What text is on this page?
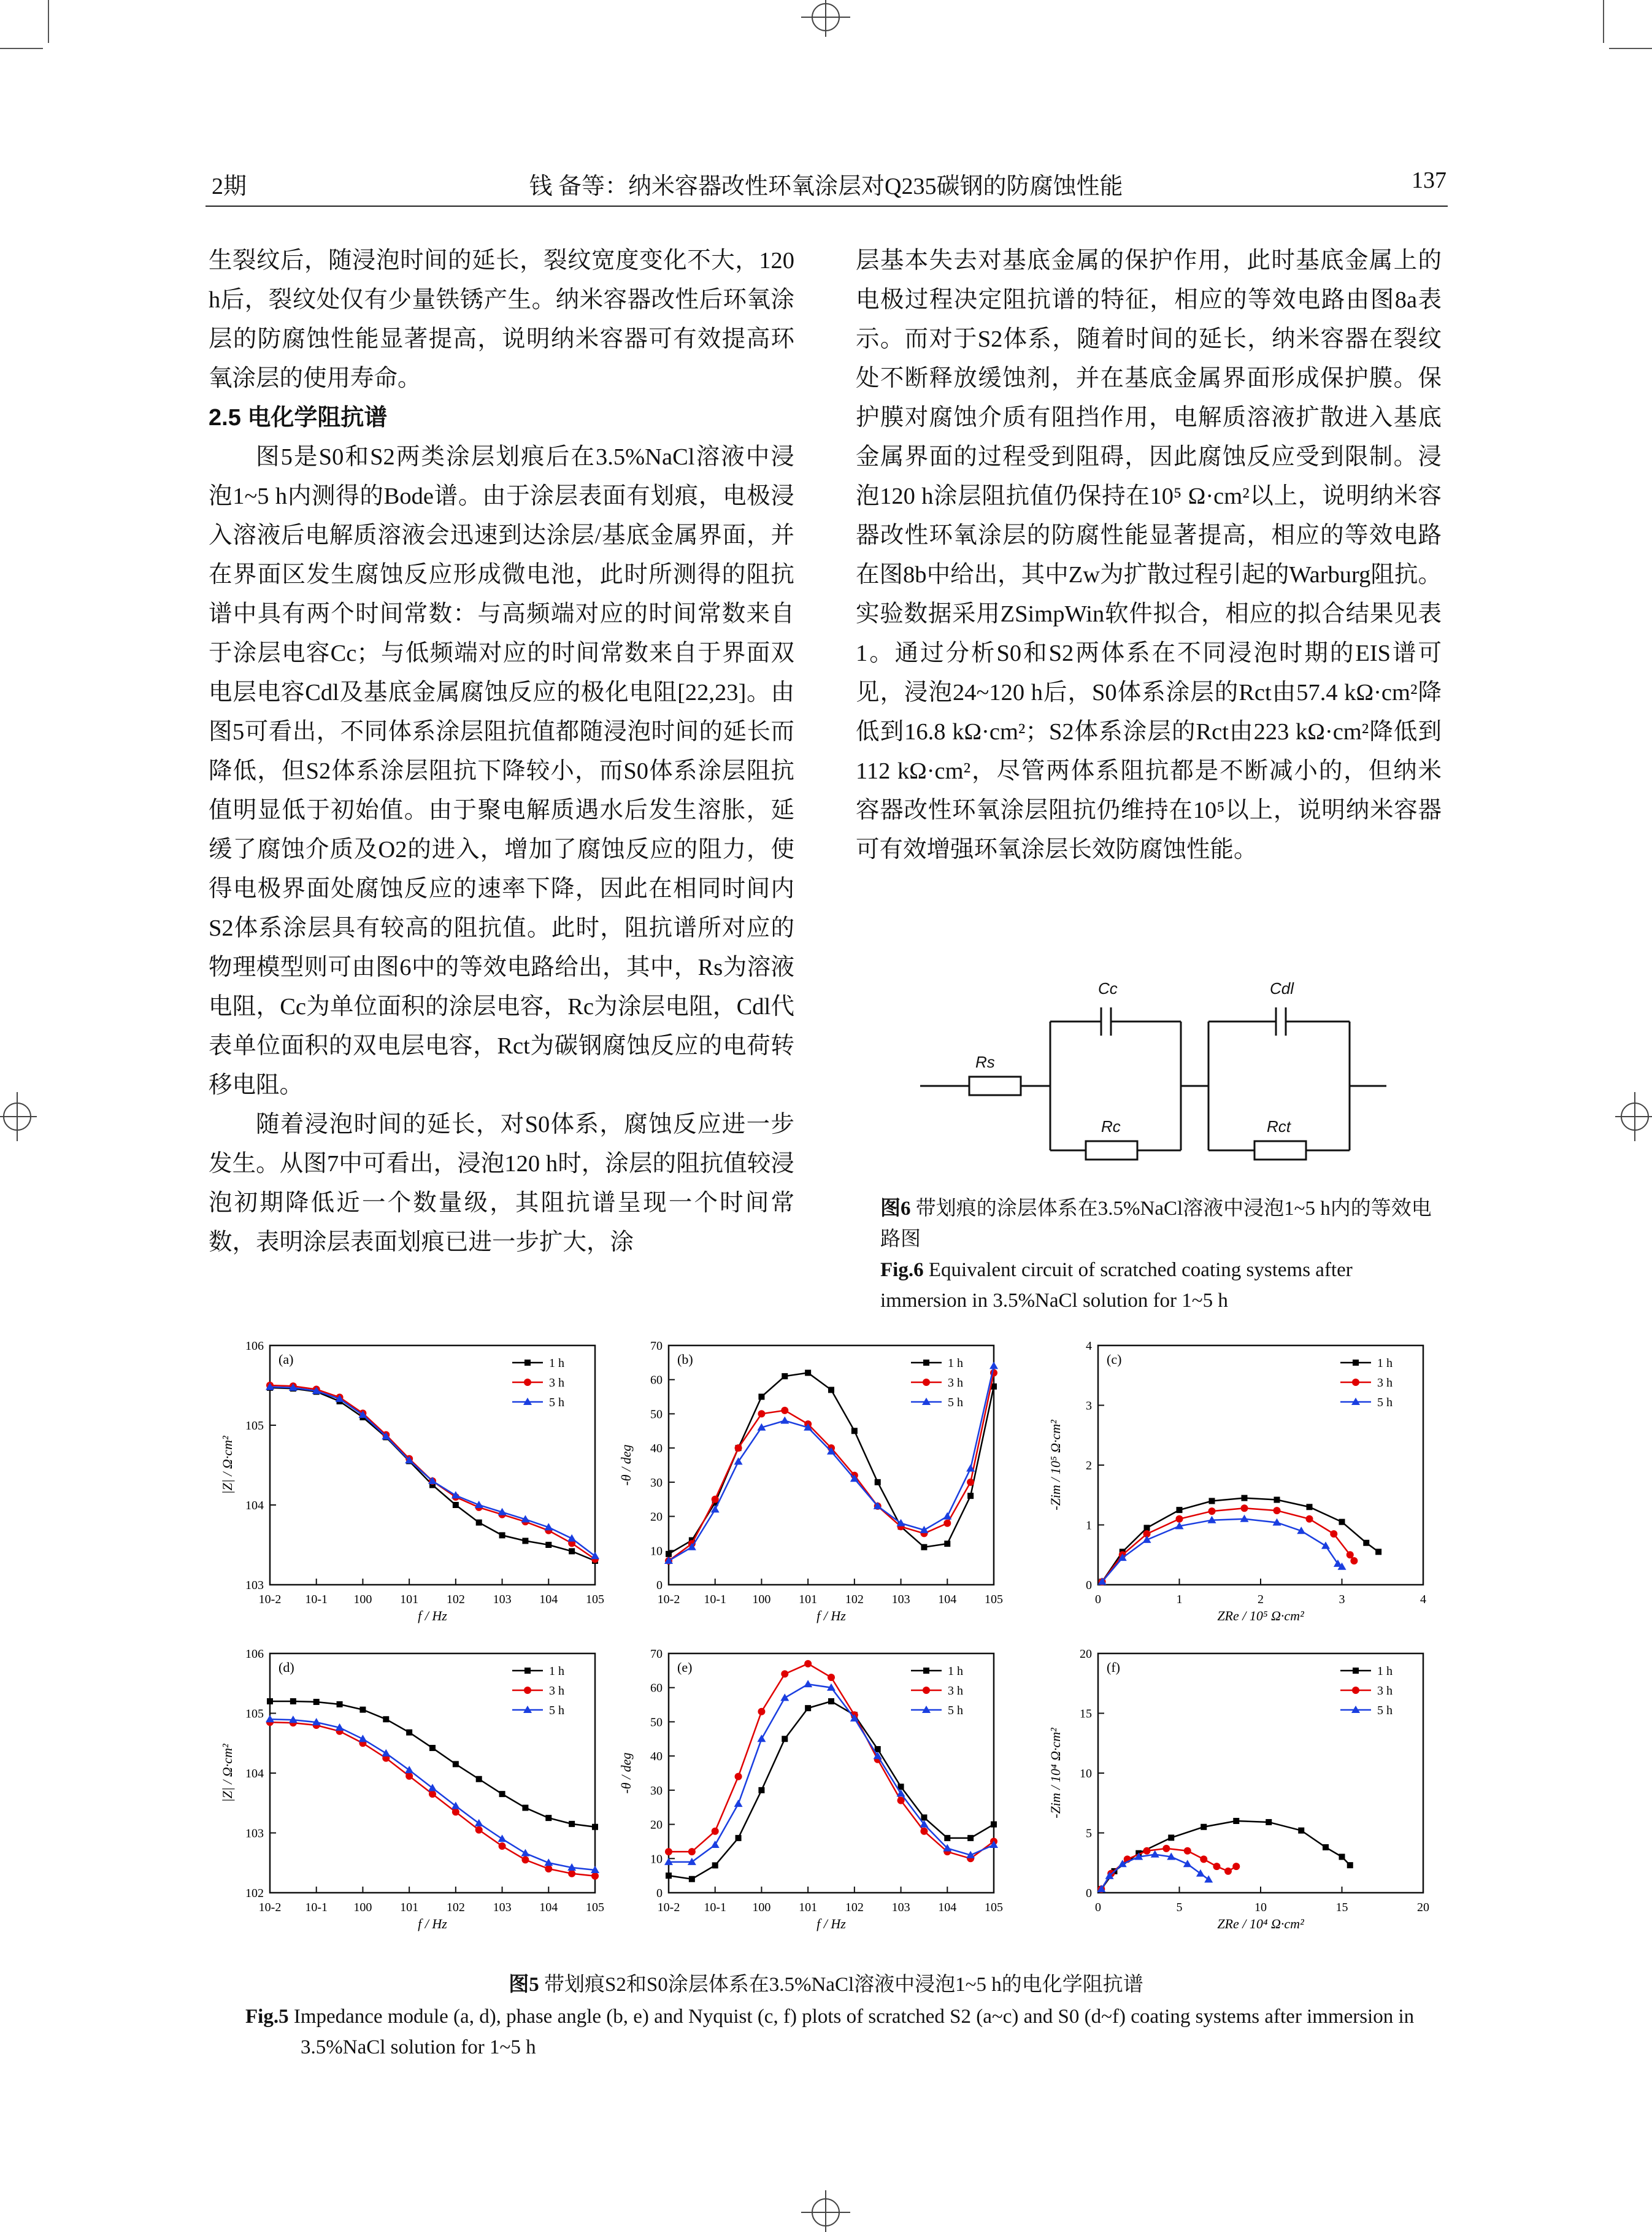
2期	钱 备等：纳米容器改性环氧涂层对Q235碳钢的防腐蚀性能	137

生裂纹后，随浸泡时间的延长，裂纹宽度变化不大，120 h后，裂纹处仅有少量铁锈产生。纳米容器改性后环氧涂层的防腐蚀性能显著提高，说明纳米容器可有效提高环氧涂层的使用寿命。

2.5 电化学阻抗谱

图5是S0和S2两类涂层划痕后在3.5%NaCl溶液中浸泡1~5 h内测得的Bode谱。由于涂层表面有划痕，电极浸入溶液后电解质溶液会迅速到达涂层/基底金属界面，并在界面区发生腐蚀反应形成微电池，此时所测得的阻抗谱中具有两个时间常数：与高频端对应的时间常数来自于涂层电容Cc；与低频端对应的时间常数来自于界面双电层电容Cdl及基底金属腐蚀反应的极化电阻[22,23]。由图5可看出，不同体系涂层阻抗值都随浸泡时间的延长而降低，但S2体系涂层阻抗下降较小，而S0体系涂层阻抗值明显低于初始值。由于聚电解质遇水后发生溶胀，延缓了腐蚀介质及O2的进入，增加了腐蚀反应的阻力，使得电极界面处腐蚀反应的速率下降，因此在相同时间内S2体系涂层具有较高的阻抗值。此时，阻抗谱所对应的物理模型则可由图6中的等效电路给出，其中，Rs为溶液电阻，Cc为单位面积的涂层电容，Rc为涂层电阻，Cdl代表单位面积的双电层电容，Rct为碳钢腐蚀反应的电荷转移电阻。

随着浸泡时间的延长，对S0体系，腐蚀反应进一步发生。从图7中可看出，浸泡120 h时，涂层的阻抗值较浸泡初期降低近一个数量级，其阻抗谱呈现一个时间常数，表明涂层表面划痕已进一步扩大，涂

层基本失去对基底金属的保护作用，此时基底金属上的电极过程决定阻抗谱的特征，相应的等效电路由图8a表示。而对于S2体系，随着时间的延长，纳米容器在裂纹处不断释放缓蚀剂，并在基底金属界面形成保护膜。保护膜对腐蚀介质有阻挡作用，电解质溶液扩散进入基底金属界面的过程受到阻碍，因此腐蚀反应受到限制。浸泡120 h涂层阻抗值仍保持在10⁵ Ω·cm²以上，说明纳米容器改性环氧涂层的防腐性能显著提高，相应的等效电路在图8b中给出，其中Zw为扩散过程引起的Warburg阻抗。实验数据采用ZSimpWin软件拟合，相应的拟合结果见表1。通过分析S0和S2两体系在不同浸泡时期的EIS谱可见，浸泡24~120 h后，S0体系涂层的Rct由57.4 kΩ·cm²降低到16.8 kΩ·cm²；S2体系涂层的Rct由223 kΩ·cm²降低到112 kΩ·cm²，尽管两体系阻抗都是不断减小的，但纳米容器改性环氧涂层阻抗仍维持在10⁵以上，说明纳米容器可有效增强环氧涂层长效防腐蚀性能。

Rs
Cc
Rc
Cdl
Rct
图6 带划痕的涂层体系在3.5%NaCl溶液中浸泡1~5 h内的等效电路图
Fig.6 Equivalent circuit of scratched coating systems after immersion in 3.5%NaCl solution for 1~5 h
10-2 10-1 100 101 102 103 104 105
103
104
105
106
f / Hz
|Z| / Ω·cm²
(a)	1 h
3 h
5 h
10-2 10-1 100 101 102 103 104 105
0
10
20
30
40
50
60
70
f / Hz
-θ / deg
(b)	1 h
3 h
5 h
0	1	2	3	4
0
1
2
3
4
ZRe / 10⁵ Ω·cm²
-Zim / 10⁵ Ω·cm²
(c)	1 h
3 h
5 h
10-2 10-1 100 101 102 103 104 105
102
103
104
105
106
f / Hz
|Z| / Ω·cm²
(d)	1 h
3 h
5 h
10-2 10-1 100 101 102 103 104 105
0
10
20
30
40
50
60
70
f / Hz
-θ / deg
(e)	1 h
3 h
5 h
0	5	10	15	20
0
5
10
15
20
ZRe / 10⁴ Ω·cm²
-Zim / 10⁴ Ω·cm²
(f)	1 h
3 h
5 h
图5 带划痕S2和S0涂层体系在3.5%NaCl溶液中浸泡1~5 h的电化学阻抗谱
Fig.5 Impedance module (a, d), phase angle (b, e) and Nyquist (c, f) plots of scratched S2 (a~c) and S0 (d~f) coating systems after immersion in 3.5%NaCl solution for 1~5 h
